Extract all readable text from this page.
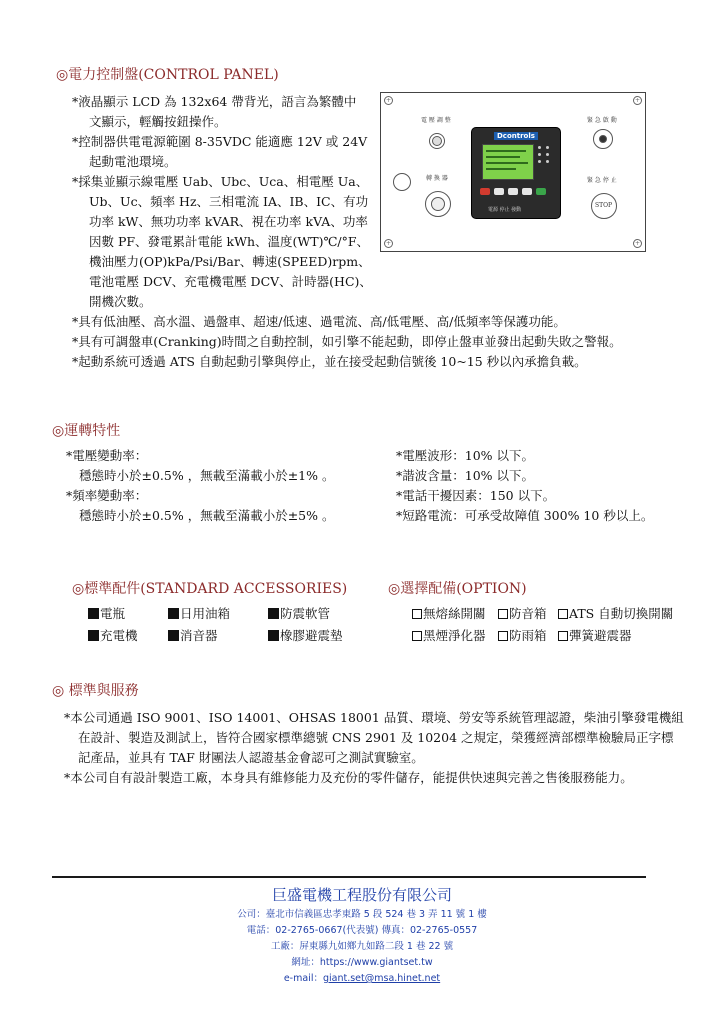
◎電力控制盤(CONTROL PANEL)
*液晶顯示 LCD 為 132x64 帶背光，語言為繁體中
文顯示，輕觸按鈕操作。
*控制器供電電源範圍 8-35VDC 能適應 12V 或 24V
起動電池環境。
*採集並顯示線電壓 Uab、Ubc、Uca、相電壓 Ua、
Ub、Uc、頻率 Hz、三相電流 IA、IB、IC、有功
功率 kW、無功功率 kVAR、視在功率 kVA、功率
因數 PF、發電累計電能 kWh、溫度(WT)℃/°F、
機油壓力(OP)kPa/Psi/Bar、轉速(SPEED)rpm、
電池電壓 DCV、充電機電壓 DCV、計時器(HC)、
開機次數。
*具有低油壓、高水溫、過盤車、超速/低速、過電流、高/低電壓、高/低頻率等保護功能。
*具有可調盤車(Cranking)時間之自動控制，如引擎不能起動，即停止盤車並發出起動失敗之警報。
*起動系統可透過 ATS 自動起動引擎與停止，並在接受起動信號後 10~15 秒以內承擔負載。
+	+
+	+
電 壓 調 整
轉 換 器
Dcontrols
電源 停止 發動
緊 急 啟 動
緊 急 停 止
STOP
◎運轉特性
*電壓變動率：
穩態時小於±0.5% ，無載至滿載小於±1% 。
*頻率變動率：
穩態時小於±0.5% ，無載至滿載小於±5% 。
*電壓波形：10% 以下。
*諧波含量：10% 以下。
*電話干擾因素：150 以下。
*短路電流：可承受故障值 300% 10 秒以上。
◎標準配件(STANDARD ACCESSORIES)
電瓶	日用油箱	防震軟管
充電機	消音器	橡膠避震墊
◎選擇配備(OPTION)
無熔絲開關	防音箱	ATS 自動切換開關
黑煙淨化器	防雨箱	彈簧避震器
◎ 標準與服務
*本公司通過 ISO 9001、ISO 14001、OHSAS 18001 品質、環境、勞安等系統管理認證，柴油引擎發電機組
在設計、製造及測試上，皆符合國家標準總號 CNS 2901 及 10204 之規定，榮獲經濟部標準檢驗局正字標
記產品，並具有 TAF 財團法人認證基金會認可之測試實驗室。
*本公司自有設計製造工廠，本身具有維修能力及充份的零件儲存，能提供快速與完善之售後服務能力。
巨盛電機工程股份有限公司
公司：臺北市信義區忠孝東路 5 段 524 巷 3 弄 11 號 1 樓
電話：02-2765-0667(代表號) 傳真：02-2765-0557
工廠：屏東縣九如鄉九如路二段 1 巷 22 號
網址：https://www.giantset.tw
e-mail：giant.set@msa.hinet.net
